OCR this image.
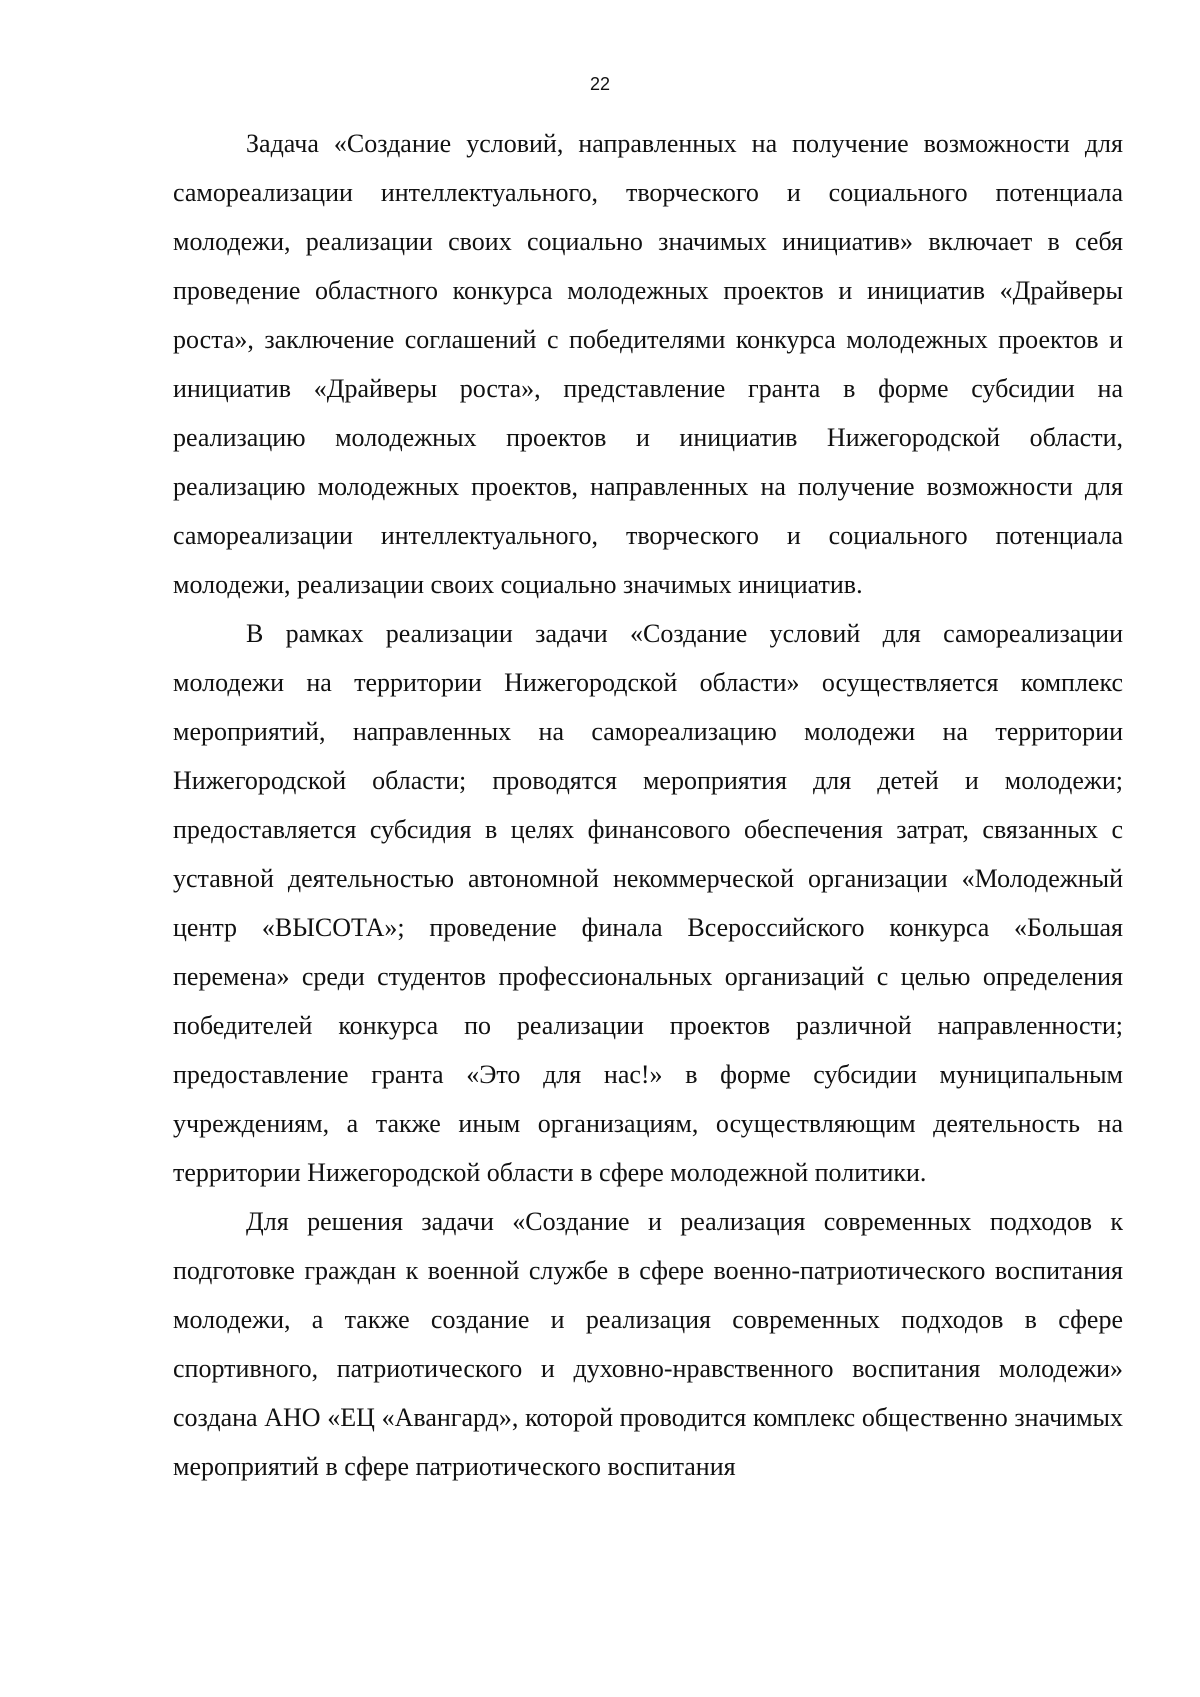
22

Задача «Создание условий, направленных на получение возможности для самореализации интеллектуального, творческого и социального потенциала молодежи, реализации своих социально значимых инициатив» включает в себя проведение областного конкурса молодежных проектов и инициатив «Драйверы роста», заключение соглашений с победителями конкурса молодежных проектов и инициатив «Драйверы роста», представление гранта в форме субсидии на реализацию молодежных проектов и инициатив Нижегородской области, реализацию молодежных проектов, направленных на получение возможности для самореализации интеллектуального, творческого и социального потенциала молодежи, реализации своих социально значимых инициатив.

В рамках реализации задачи «Создание условий для самореализации молодежи на территории Нижегородской области» осуществляется комплекс мероприятий, направленных на самореализацию молодежи на территории Нижегородской области; проводятся мероприятия для детей и молодежи; предоставляется субсидия в целях финансового обеспечения затрат, связанных с уставной деятельностью автономной некоммерческой организации «Молодежный центр «ВЫСОТА»; проведение финала Всероссийского конкурса «Большая перемена» среди студентов профессиональных организаций с целью определения победителей конкурса по реализации проектов различной направленности; предоставление гранта «Это для нас!» в форме субсидии муниципальным учреждениям, а также иным организациям, осуществляющим деятельность на территории Нижегородской области в сфере молодежной политики.

Для решения задачи «Создание и реализация современных подходов к подготовке граждан к военной службе в сфере военно-патриотического воспитания молодежи, а также создание и реализация современных подходов в сфере спортивного, патриотического и духовно-нравственного воспитания молодежи» создана АНО «ЕЦ «Авангард», которой проводится комплекс общественно значимых мероприятий в сфере патриотического воспитания
